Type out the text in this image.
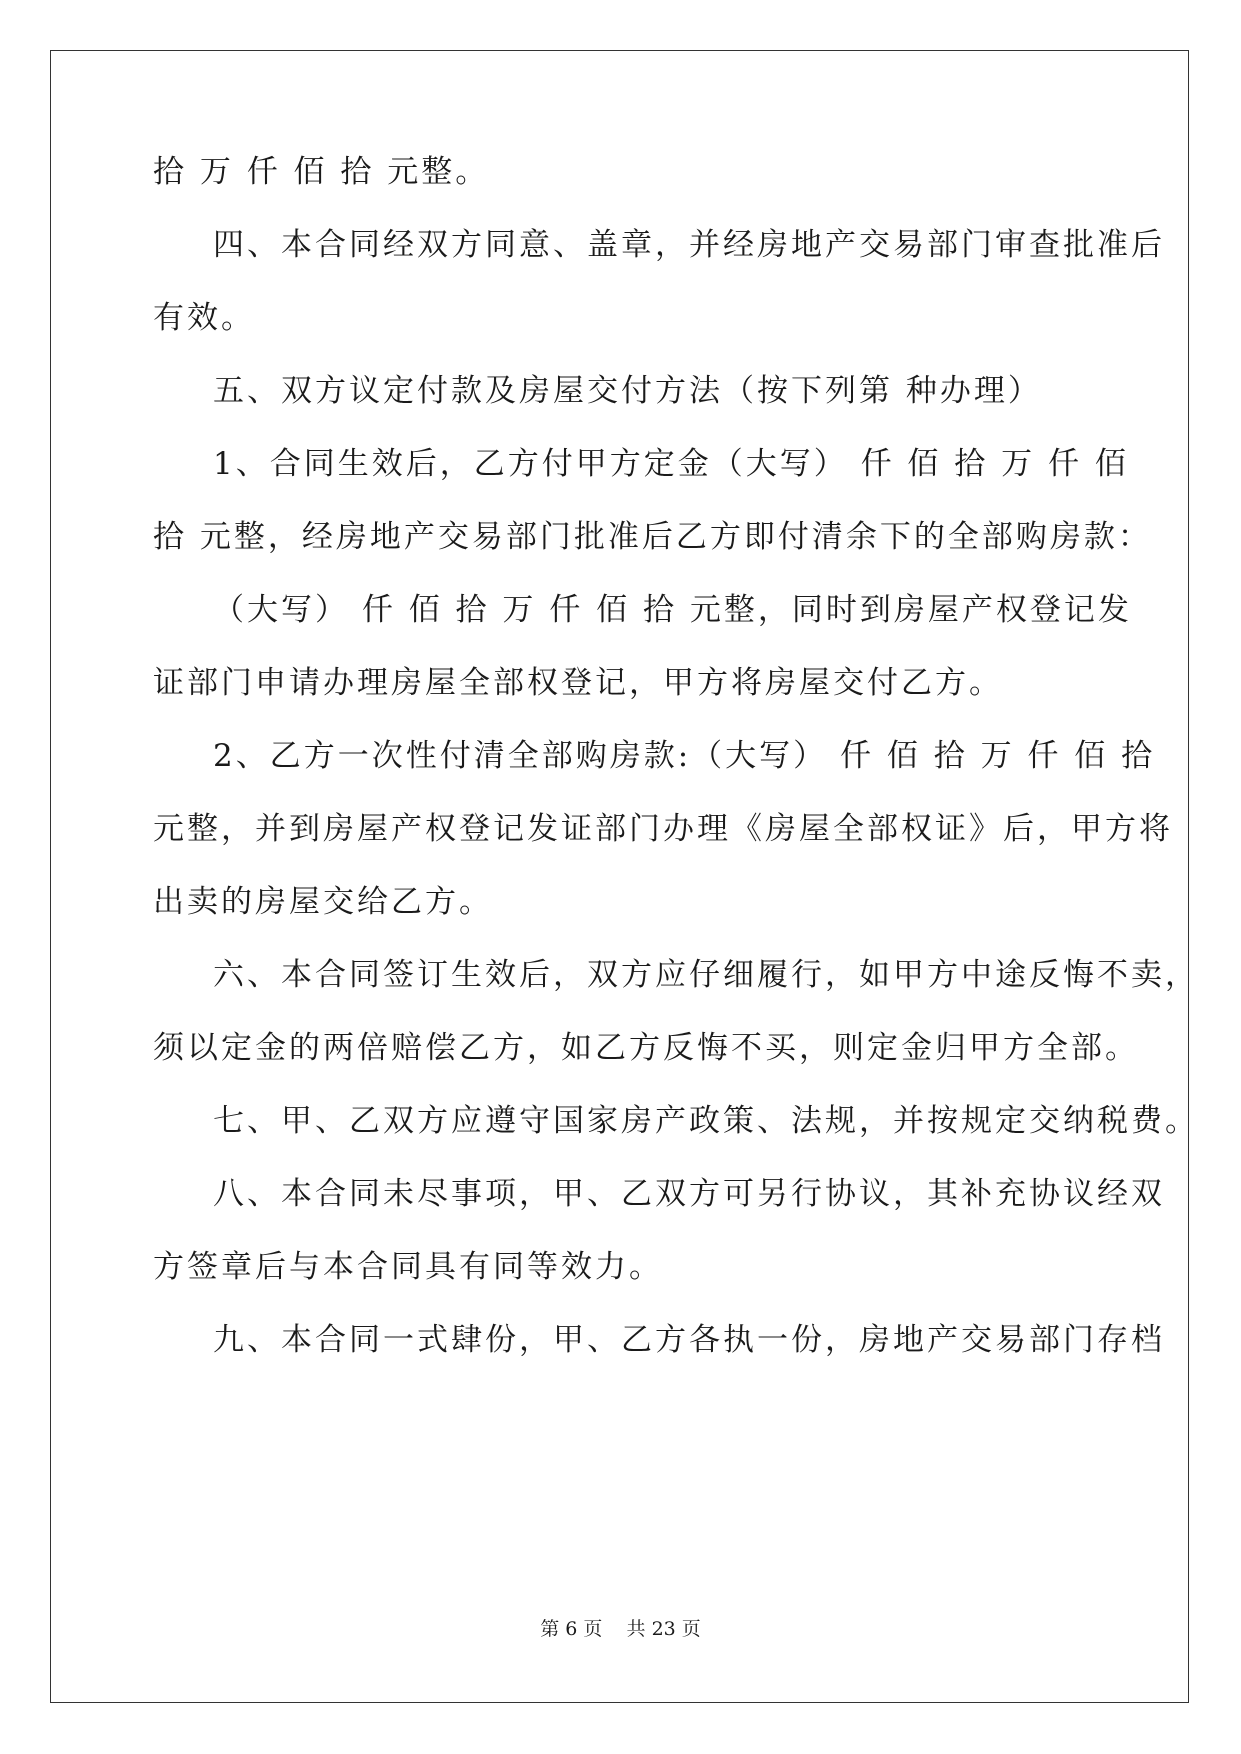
拾 万 仟 佰 拾 元整。
四、本合同经双方同意、盖章，并经房地产交易部门审查批准后
有效。
五、双方议定付款及房屋交付方法（按下列第 种办理）
1、合同生效后，乙方付甲方定金（大写） 仟 佰 拾 万 仟 佰
拾 元整，经房地产交易部门批准后乙方即付清余下的全部购房款：
（大写） 仟 佰 拾 万 仟 佰 拾 元整，同时到房屋产权登记发
证部门申请办理房屋全部权登记，甲方将房屋交付乙方。
2、乙方一次性付清全部购房款:（大写） 仟 佰 拾 万 仟 佰 拾
元整，并到房屋产权登记发证部门办理《房屋全部权证》后，甲方将
出卖的房屋交给乙方。
六、本合同签订生效后，双方应仔细履行，如甲方中途反悔不卖，
须以定金的两倍赔偿乙方，如乙方反悔不买，则定金归甲方全部。
七、甲、乙双方应遵守国家房产政策、法规，并按规定交纳税费。
八、本合同未尽事项，甲、乙双方可另行协议，其补充协议经双
方签章后与本合同具有同等效力。
九、本合同一式肆份，甲、乙方各执一份，房地产交易部门存档
第 6 页    共 23 页
